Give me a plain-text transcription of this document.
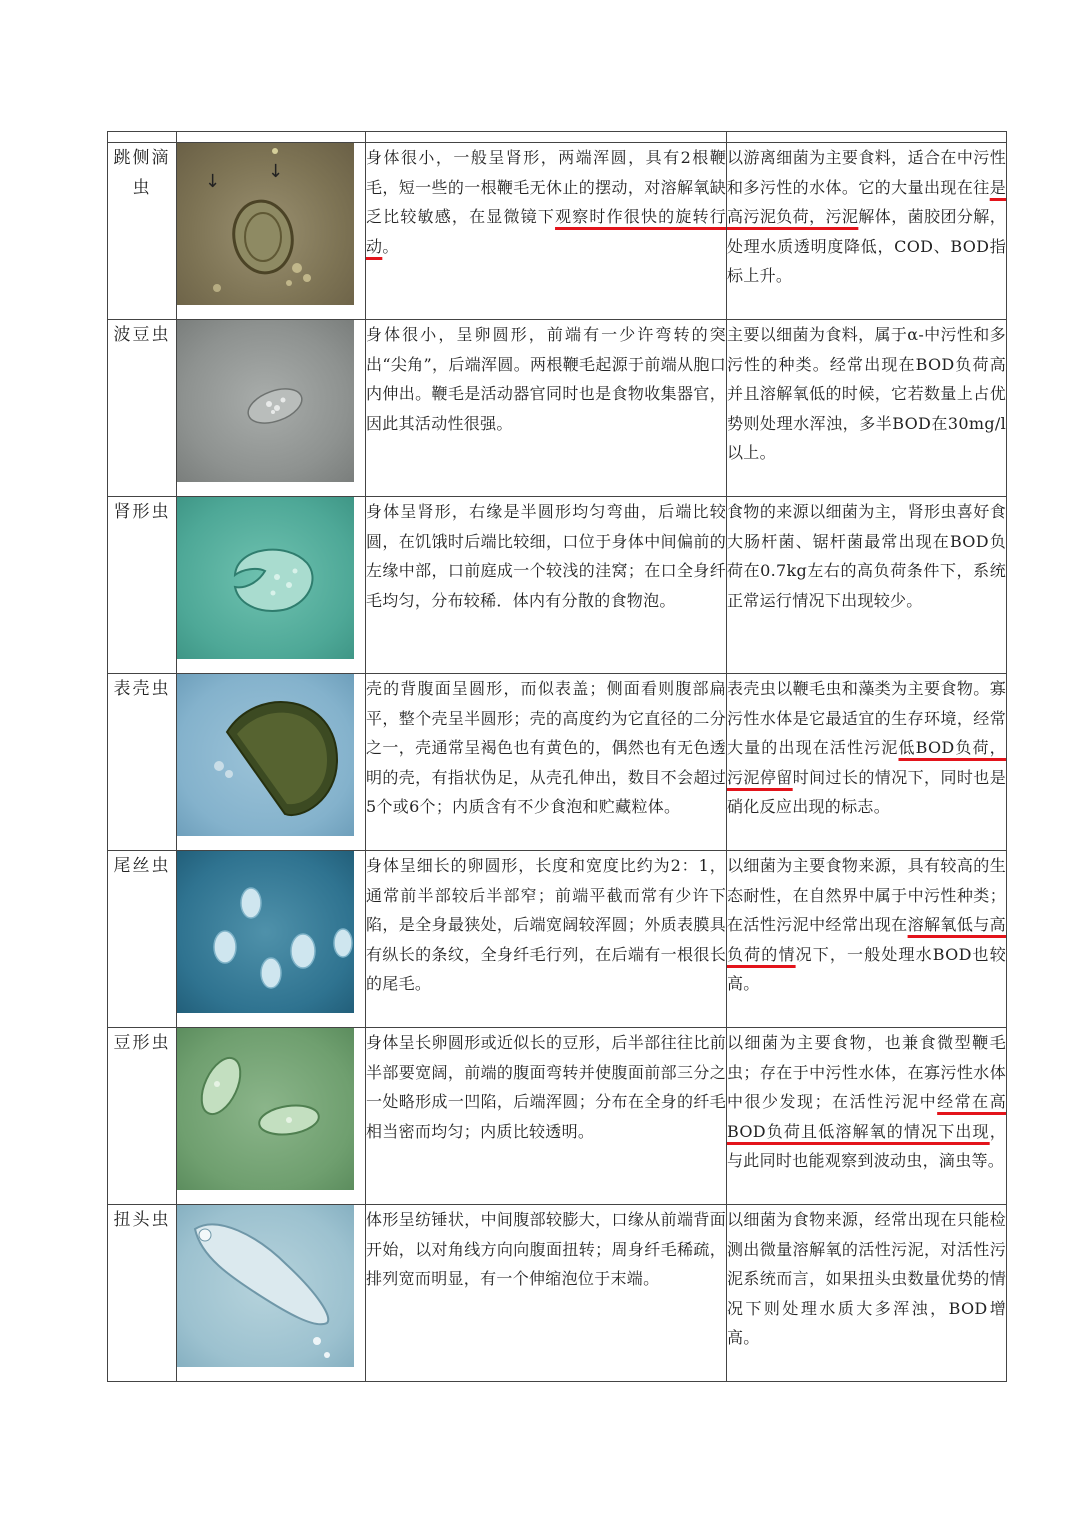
跳侧滴虫	↓ ↓	身体很小，一般呈肾形，两端浑圆，具有2根鞭毛，短一些的一根鞭毛无休止的摆动，对溶解氧缺乏比较敏感，在显微镜下观察时作很快的旋转行动。	以游离细菌为主要食料，适合在中污性和多污性的水体。它的大量出现在往是高污泥负荷，污泥解体，菌胶团分解，处理水质透明度降低，COD、BOD指标上升。
波豆虫		身体很小，呈卵圆形，前端有一少许弯转的突出“尖角”，后端浑圆。两根鞭毛起源于前端从胞口内伸出。鞭毛是活动器官同时也是食物收集器官，因此其活动性很强。	主要以细菌为食料，属于α-中污性和多污性的种类。经常出现在BOD负荷高并且溶解氧低的时候，它若数量上占优势则处理水浑浊，多半BOD在30mg/l以上。
肾形虫		身体呈肾形，右缘是半圆形均匀弯曲，后端比较圆，在饥饿时后端比较细，口位于身体中间偏前的左缘中部，口前庭成一个较浅的洼窝；在口全身纤毛均匀，分布较稀．体内有分散的食物泡。	食物的来源以细菌为主，肾形虫喜好食大肠杆菌、锯杆菌最常出现在BOD负荷在0.7kg左右的高负荷条件下，系统正常运行情况下出现较少。
表壳虫		壳的背腹面呈圆形，而似表盖；侧面看则腹部扁平，整个壳呈半圆形；壳的高度约为它直径的二分之一，壳通常呈褐色也有黄色的，偶然也有无色透明的壳，有指状伪足，从壳孔伸出，数目不会超过5个或6个；内质含有不少食泡和贮藏粒体。	表壳虫以鞭毛虫和藻类为主要食物。寡污性水体是它最适宜的生存环境，经常大量的出现在活性污泥低BOD负荷，污泥停留时间过长的情况下，同时也是硝化反应出现的标志。
尾丝虫		身体呈细长的卵圆形，长度和宽度比约为2：1，通常前半部较后半部窄；前端平截而常有少许下陷，是全身最狭处，后端宽阔较浑圆；外质表膜具有纵长的条纹，全身纤毛行列，在后端有一根很长的尾毛。	以细菌为主要食物来源，具有较高的生态耐性，在自然界中属于中污性种类；在活性污泥中经常出现在溶解氧低与高负荷的情况下，一般处理水BOD也较高。
豆形虫		身体呈长卵圆形或近似长的豆形，后半部往往比前半部要宽阔，前端的腹面弯转并使腹面前部三分之一处略形成一凹陷，后端浑圆；分布在全身的纤毛相当密而均匀；内质比较透明。	以细菌为主要食物，也兼食微型鞭毛虫；存在于中污性水体，在寡污性水体中很少发现；在活性污泥中经常在高BOD负荷且低溶解氧的情况下出现，与此同时也能观察到波动虫，滴虫等。
扭头虫		体形呈纺锤状，中间腹部较膨大，口缘从前端背面开始，以对角线方向向腹面扭转；周身纤毛稀疏，排列宽而明显，有一个伸缩泡位于末端。	以细菌为食物来源，经常出现在只能检测出微量溶解氧的活性污泥，对活性污泥系统而言，如果扭头虫数量优势的情况下则处理水质大多浑浊，BOD增高。
